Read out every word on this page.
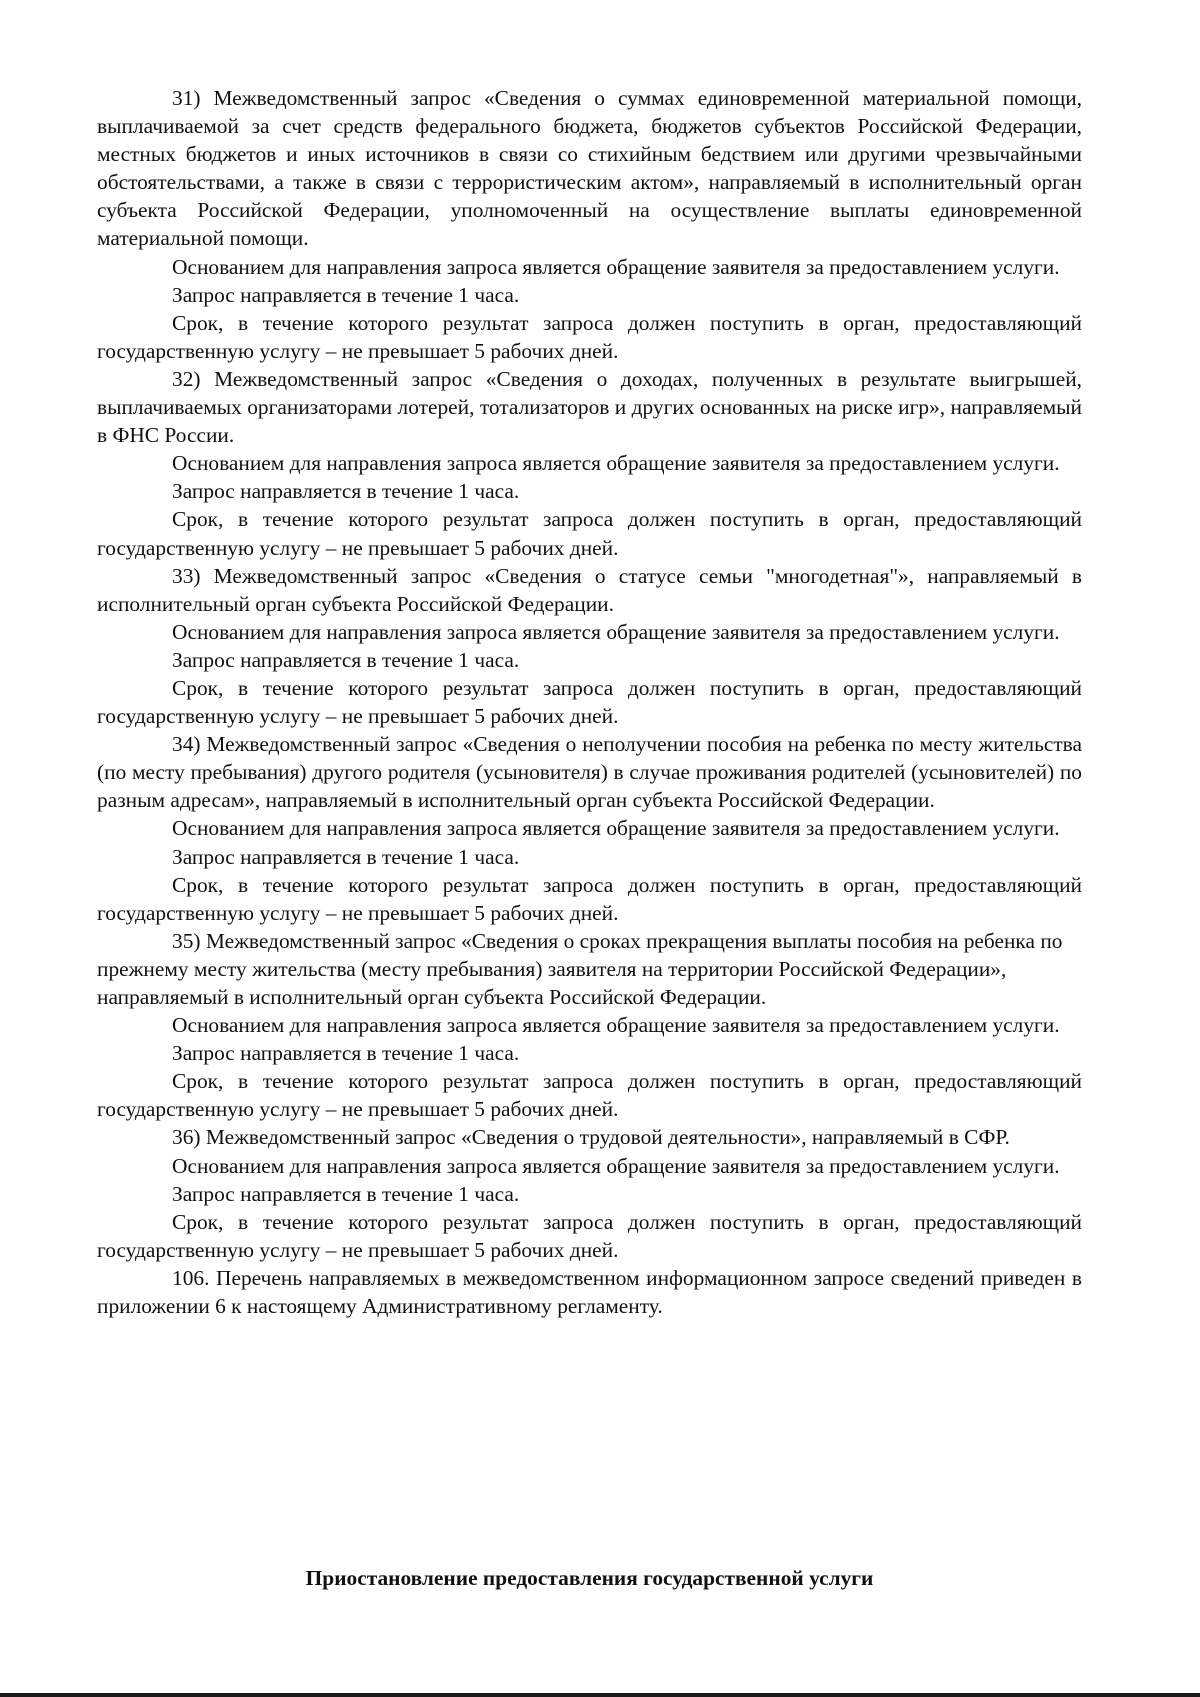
31) Межведомственный запрос «Сведения о суммах единовременной материальной помощи, выплачиваемой за счет средств федерального бюджета, бюджетов субъектов Российской Федерации, местных бюджетов и иных источников в связи со стихийным бедствием или другими чрезвычайными обстоятельствами, а также в связи с террористическим актом», направляемый в исполнительный орган субъекта Российской Федерации, уполномоченный на осуществление выплаты единовременной материальной помощи.

Основанием для направления запроса является обращение заявителя за предоставлением услуги.

Запрос направляется в течение 1 часа.

Срок, в течение которого результат запроса должен поступить в орган, предоставляющий государственную услугу – не превышает 5 рабочих дней.

32) Межведомственный запрос «Сведения о доходах, полученных в результате выигрышей, выплачиваемых организаторами лотерей, тотализаторов и других основанных на риске игр», направляемый в ФНС России.

Основанием для направления запроса является обращение заявителя за предоставлением услуги.

Запрос направляется в течение 1 часа.

Срок, в течение которого результат запроса должен поступить в орган, предоставляющий государственную услугу – не превышает 5 рабочих дней.

33) Межведомственный запрос «Сведения о статусе семьи "многодетная"», направляемый в исполнительный орган субъекта Российской Федерации.

Основанием для направления запроса является обращение заявителя за предоставлением услуги.

Запрос направляется в течение 1 часа.

Срок, в течение которого результат запроса должен поступить в орган, предоставляющий государственную услугу – не превышает 5 рабочих дней.

34) Межведомственный запрос «Сведения о неполучении пособия на ребенка по месту жительства (по месту пребывания) другого родителя (усыновителя) в случае проживания родителей (усыновителей) по разным адресам», направляемый в исполнительный орган субъекта Российской Федерации.

Основанием для направления запроса является обращение заявителя за предоставлением услуги.

Запрос направляется в течение 1 часа.

Срок, в течение которого результат запроса должен поступить в орган, предоставляющий государственную услугу – не превышает 5 рабочих дней.

35) Межведомственный запрос «Сведения о сроках прекращения выплаты пособия на ребенка по прежнему месту жительства (месту пребывания) заявителя на территории Российской Федерации», направляемый в исполнительный орган субъекта Российской Федерации.

Основанием для направления запроса является обращение заявителя за предоставлением услуги.

Запрос направляется в течение 1 часа.

Срок, в течение которого результат запроса должен поступить в орган, предоставляющий государственную услугу – не превышает 5 рабочих дней.

36) Межведомственный запрос «Сведения о трудовой деятельности», направляемый в СФР.

Основанием для направления запроса является обращение заявителя за предоставлением услуги.

Запрос направляется в течение 1 часа.

Срок, в течение которого результат запроса должен поступить в орган, предоставляющий государственную услугу – не превышает 5 рабочих дней.

106. Перечень направляемых в межведомственном информационном запросе сведений приведен в приложении 6 к настоящему Административному регламенту.

Приостановление предоставления государственной услуги
